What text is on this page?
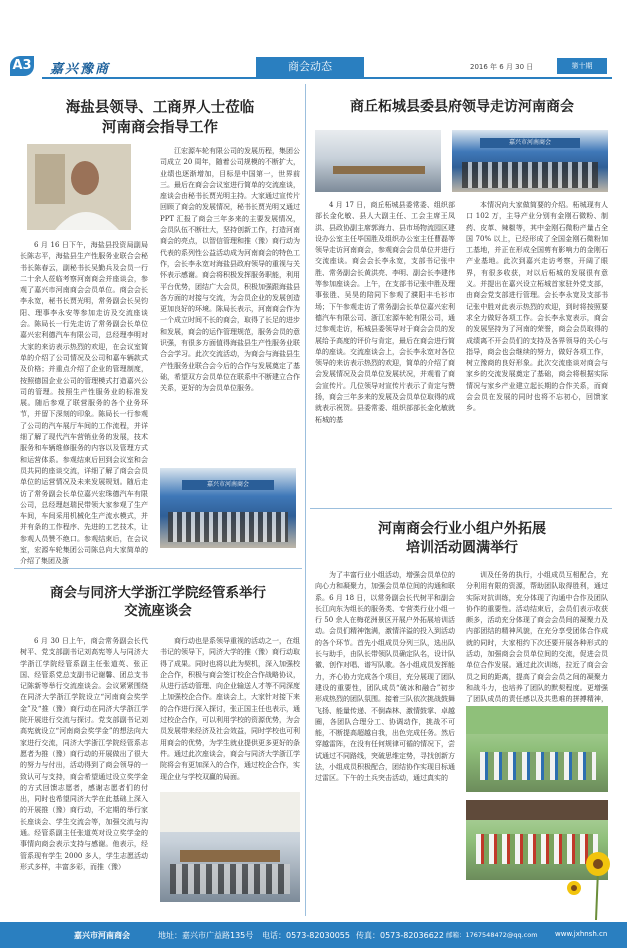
A3 嘉兴豫商	商会动态	2016 年 6 月 30 日	第十期
海盐县领导、工商界人士莅临
河南商会指导工作

6 月 16 日下午，海盐县投资局副局长陈志平，海盐县生产性服务业联合会秘书长陈春云，副秘书长吴勤兵及会员一行二十余人莅临考察河南商会并座谈会，参观了嘉兴市河南商会会员单位。商会会长李永宽，秘书长贾光明，常务副会长吴钧阳、理事李永安等参加走访及交流座谈会。陈局长一行先走访了常务副会长单位嘉兴宏利德汽车有限公司，总经理李明对大家的来访表示热烈的欢迎，在会议室简单的介绍了公司情况及公司和嘉车辆款式及价格；并重点介绍了企业的管理制度，按照德国企业公司的管理模式打造嘉兴公司的管理。按照生产性服务业的标准发展。随后参观了联营服务的各个业务环节，并留下深刻的印象。陈局长一行参观了公司的汽车展厅车间的工作流程，并详细了解了现代汽车营销业务的发展，技术服务和车辆维修服务的内容以及管理方式和运营体系。参观结束后回到会议室和会员共同的座谈交流，详细了解了商会会员单位的运营情况及未来发展规划。随后走访了常务副会长单位嘉兴宏珠德汽车有限公司，总经理赵瑞民带领大家参观了生产车间，车间采用机械化生产流水模式，并并有条的工作程序、先进的工艺技术，让参观人员赞不绝口。参观结束后，在会议室，宏源车轮集团公司陈总向大家简单的介绍了集团及浙

江宏源车轮有限公司的发展历程，集团公司成立 20 周年，随着公司规模的不断扩大，业绩也逐渐增加，目标是中国第一，世界前三。最后在商会会议室进行简单的交流座谈，座谈会由秘书长贾光明主持。大家通过宣传片回顾了商会的发展情况，秘书长贾光明又通过 PPT 汇报了商会三年多来的主要发展情况，会员队伍不断壮大，坚持创新工作，打造河南商会的亮点，以智信管理和推（豫）商行动为代表的系列性公益活动成为河南商会的特色工作，会长李永宽对海盐县政府领导的重视与关怀表示感谢。商会将积极发挥服务职能，利用平台优势，团结广大会员，积极加强跟海盐县各方面的对接与交流，为会员企业的发展创造更加良好的环境。陈局长表示，河南商会作为一个成立时间不长的商会，取得了长足的进步和发展，商会的运作管理规范，服务会员的意识强，有很多方面值得海盐县生产性服务业联合会学习。此次交流活动，为商会与海盐县生产性服务业联合会今后的合作与发展奠定了基础，希望双方会员单位在联系中不断建立合作关系，更好的为会员单位服务。

嘉兴市河南商会
商丘柘城县委县府领导走访河南商会
嘉兴市河南商会

4 月 17 日，商丘柘城县委常委、组织部部长金化敏、县人大副主任、工会主席王凤洪、县政协副主席郭海力、县市场物流园区建设办公室主任毕国胜及组织办公室主任曹磊等领导走访河南商会，参观商会会员单位并进行交流座谈。商会会长李永宽，支部书记张中胜、常务副会长黄洪亮、李明、副会长李建伟等参加座谈会。上午，在支部书记张中胜及理事张胜、吴昊的陪同下参观了濮阳丰毛衫市场；下午参观走访了常务副会长单位嘉兴宏利德汽车有限公司、浙江宏源车轮有限公司，通过参观走访，柘城县委领导对于商会会员的发展给予高度的评价与肯定，最后在商会进行简单的座谈。交流座谈会上，会长李永宽对各位领导的来访表示热烈的欢迎，简单的介绍了商会发展情况及会员单位发展状况，并观看了商会宣传片。几位领导对宣传片表示了肯定与赞扬，商会三年多来的发展及会员单位取得的成就表示祝贺。县委常委、组织部部长金化敏就柘城的基

本情况向大家做简要的介绍。柘城现有人口 102 万，主导产业分别有金刚石微粉、制药、皮革、辣椒等，其中金刚石微粉产量占全国 70% 以上，已经形成了全国金刚石微粉加工基地，并正在形成全国剪有影响力的金刚石产业基地。此次到嘉兴走访考察，开阔了眼界，有很多收获，对以后柘城的发展很有意义。并提出在嘉兴设立柘城首家驻外党支部，由商会党支部进行管理。会长李永宽及支部书记张中胜对此表示热烈的欢迎，到时将按照要求全力做好各项工作。会长李永宽表示，商会的发展坚持为了河南的荣誉，商会会员取得的成绩离不开会员们的支持及各界领导的关心与指导，商会也会继续的努力，做好各项工作，树立豫商的良好形象。此次交流座谈对商会与家乡的交流发展奠定了基础，商会将根据实际情况与家乡产业建立起长期的合作关系，而商会会员在发展的同时也将不忘初心，回馈家乡。

河南商会行业小组户外拓展
培训活动圆满举行

为了丰富行业小组活动，增强会员单位的向心力和凝聚力，加强会员单位间的沟通和联系。6 月 18 日，以常务副会长代树平和副会长江向东为组长的服务类、专营类行业小组一行 50 余人在梅花洲景区开展户外拓展培训活动。会员们精神饱满，激情洋溢的投入到活动的各个环节。首先小组成员分列三队，选出队长与助手，由队长带领队员确定队名，设计队徽、创作对唱、谱写队歌。各小组成员发挥能力，齐心协力完成各个项目，充分展现了团队建设的重要性，团队成员“破冰和融合”初步形成热烈的团队氛围。接着三队依次挑战鼓舞飞扬、能量传递、不倒森林、激情鼓掌、卓越圈，各团队合理分工、协调动作，挑战不可能，不断提高超越自我，出色完成任务。然后穿越雷阵，在没有任何规律可循的情况下，尝试通过不同路线，突破思维定势，寻找创新方法，小组成员积极配合，团结协作实现目标通过雷区。下午的土兵突击活动，通过真实的

训及任务的执行，小组成员互相配合，充分利用有限的资源，帮助团队取得胜利，通过实际对抗训练，充分体现了沟通中合作及团队协作的重要性。活动结束后，会员们表示收获颇多，活动充分体现了商会会员间的凝聚力及内部团结的精神风貌，在充分享受团体合作成就的同时，大家相约下次还要开展各种形式的活动，加强商会会员单位间的交流，促进会员单位合作发展。通过此次训练，拉近了商会会员之间的距离，提高了商会会员之间的凝聚力和战斗力，也培养了团队的默契程度。更增强了团队成员的责任感以及共患难的拼搏精神，

商会与同济大学浙江学院经管系举行
交流座谈会

6 月 30 日上午，商会常务副会长代树平、党支部副书记刘高宪等人与同济大学浙江学院经管系副主任张道英、张正国、经管系党总支副书记谢馨、团总支书记陈新等举行交流座谈会。会议紧紧围绕在同济大学浙江学院设立“河南商会奖学金”及“推（豫）商行动在同济大学浙江学院开展进行交流与探讨。党支部副书记刘高宪就设立“河南商会奖学金”的想法向大家进行交流，同济大学浙江学院经管系志愿者为推（豫）商行动的开展做出了很大的努力与付出，活动得到了商会领导的一致认可与支持，商会希望通过设立奖学金的方式回馈志愿者，感谢志愿者们的付出，同时也希望同济大学在此基础上深入的开展推（豫）商行动，不定期的举行家长座谈会、学生交流会等，加强交流与沟通。经管系副主任张道英对设立奖学金的事情向商会表示支持与感谢。他表示，经管系现有学生 2000 多人，学生志愿活动形式多样，丰富多彩，而推（豫）

商行动也是系领导重视的活动之一，在组书记的领导下，同济大学的推（豫）商行动取得了成果。同时也将以此为契机，深入加强校企合作，积极与商会签订校企合作战略协议，从进行活动管理、向企业输送人才等不同深度上加强校企合作。座谈会上，大家针对接下来的合作进行深入探讨，张正国主任也表示，通过校企合作，可以利用学校的资源优势，为会员发展带来经济及社会效益，同时学校也可利用商会的优势，为学生就业提供更多更好的条件。通过此次座谈会，商会与同济大学浙江学院将会有更加深入的合作，通过校企合作，实现企业与学校双赢的局面。

嘉兴市河南商会	地址：嘉兴市广益路135号 电话：0573-82030055 传真：0573-82036622 邮箱：1767548472@qq.com www.jxhnsh.cn
